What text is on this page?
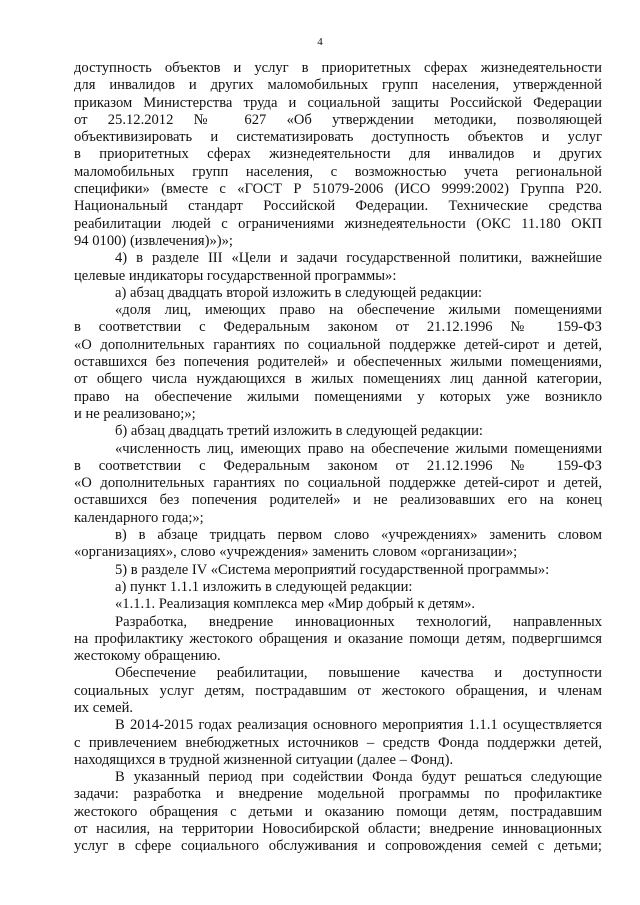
4
доступность объектов и услуг в приоритетных сферах жизнедеятельности
для инвалидов и других маломобильных групп населения, утвержденной
приказом Министерства труда и социальной защиты Российской Федерации
от 25.12.2012 № 627 «Об утверждении методики, позволяющей
объективизировать и систематизировать доступность объектов и услуг
в приоритетных сферах жизнедеятельности для инвалидов и других
маломобильных групп населения, с возможностью учета региональной
специфики» (вместе с «ГОСТ Р 51079-2006 (ИСО 9999:2002) Группа Р20.
Национальный стандарт Российской Федерации. Технические средства
реабилитации людей с ограничениями жизнедеятельности (ОКС 11.180 ОКП
94 0100) (извлечения)»)»;
4) в разделе III «Цели и задачи государственной политики, важнейшие
целевые индикаторы государственной программы»:
а) абзац двадцать второй изложить в следующей редакции:
«доля лиц, имеющих право на обеспечение жилыми помещениями
в соответствии с Федеральным законом от 21.12.1996 № 159-ФЗ
«О дополнительных гарантиях по социальной поддержке детей-сирот и детей,
оставшихся без попечения родителей» и обеспеченных жилыми помещениями,
от общего числа нуждающихся в жилых помещениях лиц данной категории,
право на обеспечение жилыми помещениями у которых уже возникло
и не реализовано;»;
б) абзац двадцать третий изложить в следующей редакции:
«численность лиц, имеющих право на обеспечение жилыми помещениями
в соответствии с Федеральным законом от 21.12.1996 № 159-ФЗ
«О дополнительных гарантиях по социальной поддержке детей-сирот и детей,
оставшихся без попечения родителей» и не реализовавших его на конец
календарного года;»;
в) в абзаце тридцать первом слово «учреждениях» заменить словом
«организациях», слово «учреждения» заменить словом «организации»;
5) в разделе IV «Система мероприятий государственной программы»:
а) пункт 1.1.1 изложить в следующей редакции:
«1.1.1. Реализация комплекса мер «Мир добрый к детям».
Разработка, внедрение инновационных технологий, направленных
на профилактику жестокого обращения и оказание помощи детям, подвергшимся
жестокому обращению.
Обеспечение реабилитации, повышение качества и доступности
социальных услуг детям, пострадавшим от жестокого обращения, и членам
их семей.
В 2014-2015 годах реализация основного мероприятия 1.1.1 осуществляется
с привлечением внебюджетных источников – средств Фонда поддержки детей,
находящихся в трудной жизненной ситуации (далее – Фонд).
В указанный период при содействии Фонда будут решаться следующие
задачи: разработка и внедрение модельной программы по профилактике
жестокого обращения с детьми и оказанию помощи детям, пострадавшим
от насилия, на территории Новосибирской области; внедрение инновационных
услуг в сфере социального обслуживания и сопровождения семей с детьми;
